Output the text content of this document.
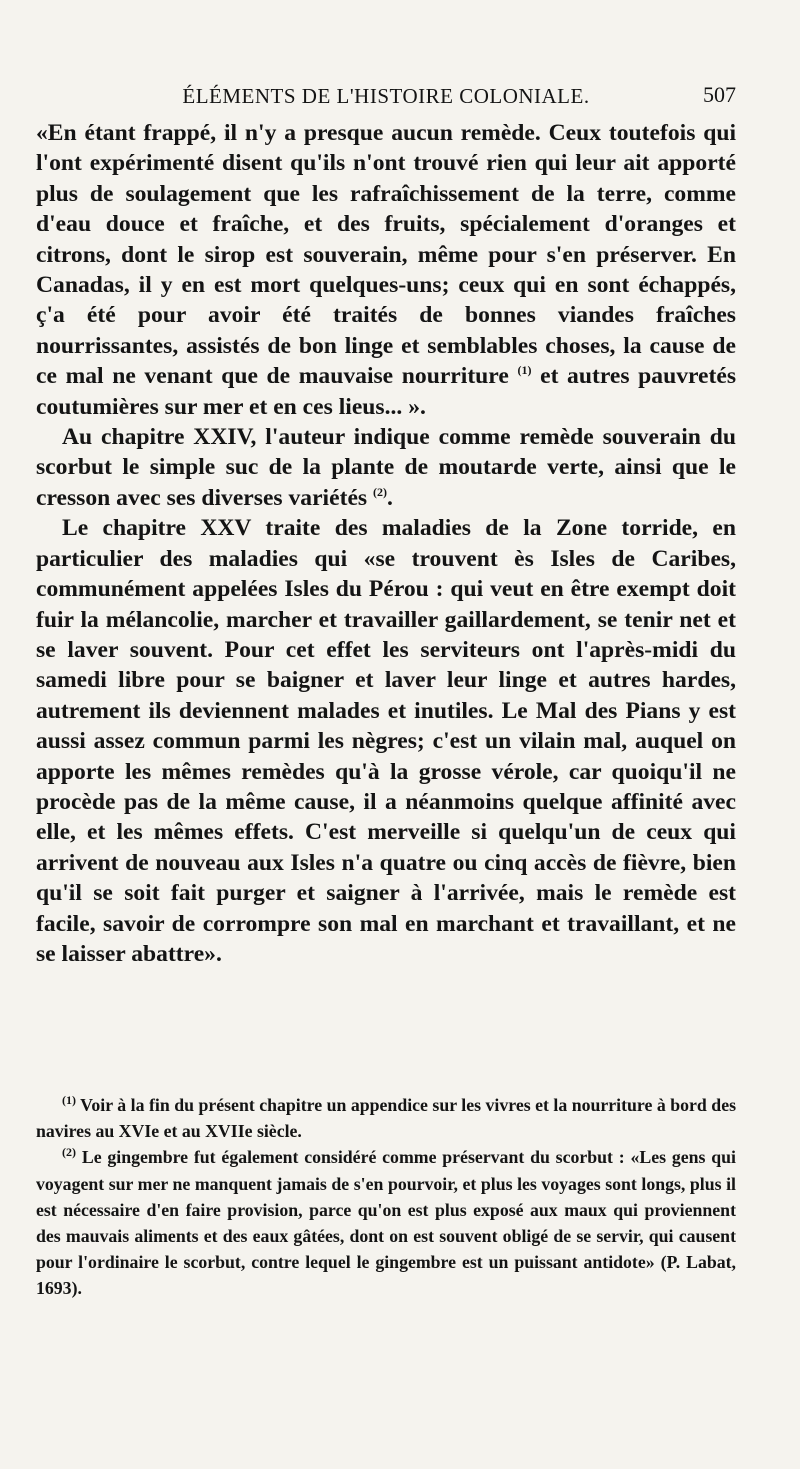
ÉLÉMENTS DE L'HISTOIRE COLONIALE.	507

«En étant frappé, il n'y a presque aucun remède. Ceux toutefois qui l'ont expérimenté disent qu'ils n'ont trouvé rien qui leur ait apporté plus de soulagement que les rafraîchissement de la terre, comme d'eau douce et fraîche, et des fruits, spécialement d'oranges et citrons, dont le sirop est souverain, même pour s'en préserver. En Canadas, il y en est mort quelques-uns; ceux qui en sont échappés, ç'a été pour avoir été traités de bonnes viandes fraîches nourrissantes, assistés de bon linge et semblables choses, la cause de ce mal ne venant que de mauvaise nourriture $^{(1)}$ et autres pauvretés coutumières sur mer et en ces lieus... ».

Au chapitre XXIV, l'auteur indique comme remède souverain du scorbut le simple suc de la plante de moutarde verte, ainsi que le cresson avec ses diverses variétés $^{(2)}$.

Le chapitre XXV traite des maladies de la Zone torride, en particulier des maladies qui «se trouvent ès Isles de Caribes, communément appelées Isles du Pérou : qui veut en être exempt doit fuir la mélancolie, marcher et travailler gaillardement, se tenir net et se laver souvent. Pour cet effet les serviteurs ont l'après-midi du samedi libre pour se baigner et laver leur linge et autres hardes, autrement ils deviennent malades et inutiles. Le Mal des Pians y est aussi assez commun parmi les nègres; c'est un vilain mal, auquel on apporte les mêmes remèdes qu'à la grosse vérole, car quoiqu'il ne procède pas de la même cause, il a néanmoins quelque affinité avec elle, et les mêmes effets. C'est merveille si quelqu'un de ceux qui arrivent de nouveau aux Isles n'a quatre ou cinq accès de fièvre, bien qu'il se soit fait purger et saigner à l'arrivée, mais le remède est facile, savoir de corrompre son mal en marchant et travaillant, et ne se laisser abattre».

$^{(1)}$ Voir à la fin du présent chapitre un appendice sur les vivres et la nourriture à bord des navires au XVIe et au XVIIe siècle.

$^{(2)}$ Le gingembre fut également considéré comme préservant du scorbut : «Les gens qui voyagent sur mer ne manquent jamais de s'en pourvoir, et plus les voyages sont longs, plus il est nécessaire d'en faire provision, parce qu'on est plus exposé aux maux qui proviennent des mauvais aliments et des eaux gâtées, dont on est souvent obligé de se servir, qui causent pour l'ordinaire le scorbut, contre lequel le gingembre est un puissant antidote» (P. Labat, 1693).
